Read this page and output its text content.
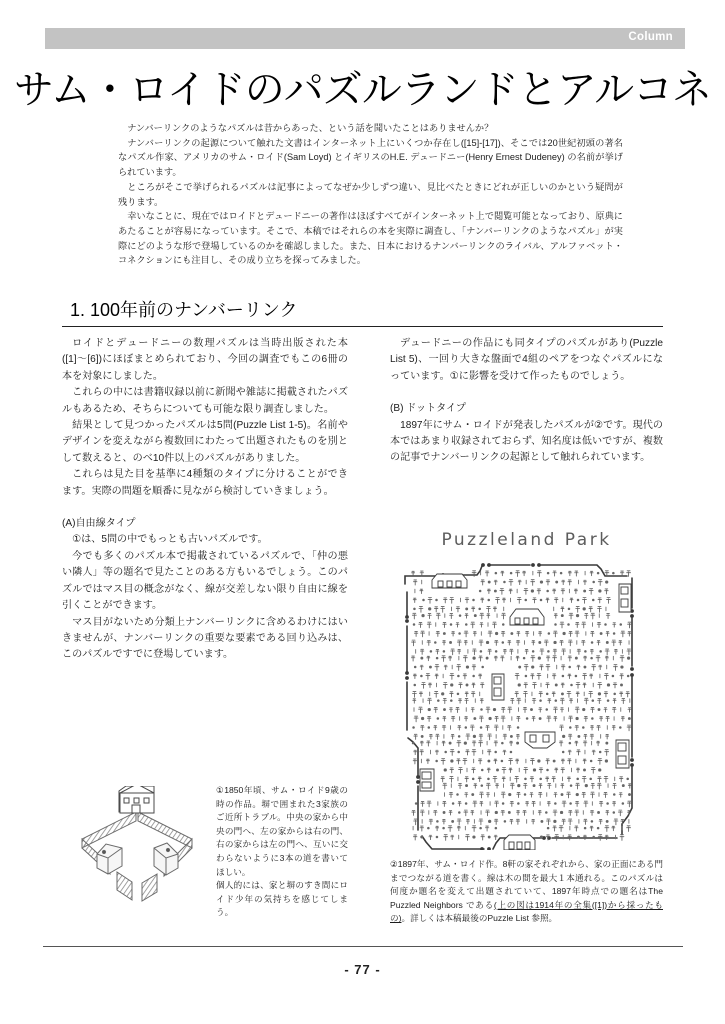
Column
サム・ロイドのパズルランドとアルコネ

ナンバーリンクのようなパズルは昔からあった、という話を聞いたことはありませんか？

ナンバーリンクの起源について触れた文書はインターネット上にいくつか存在し([15]-[17])、そこでは20世紀初頭の著名なパズル作家、アメリカのサム・ロイド(Sam Loyd) とイギリスのH.E. デュードニー(Henry Ernest Dudeney) の名前が挙げられています。

ところがそこで挙げられるパズルは記事によってなぜか少しずつ違い、見比べたときにどれが正しいのかという疑問が残ります。

幸いなことに、現在ではロイドとデュードニーの著作はほぼすべてがインターネット上で閲覧可能となっており、原典にあたることが容易になっています。そこで、本稿ではそれらの本を実際に調査し、「ナンバーリンクのようなパズル」が実際にどのような形で登場しているのかを確認しました。また、日本におけるナンバーリンクのライバル、アルファベット・コネクションにも注目し、その成り立ちを探ってみました。

1. 100年前のナンバーリンク

ロイドとデュードニーの数理パズルは当時出版された本([1]〜[6])にほぼまとめられており、今回の調査でもこの6冊の本を対象にしました。

これらの中には書籍収録以前に新聞や雑誌に掲載されたパズルもあるため、そちらについても可能な限り調査しました。

結果として見つかったパズルは5問(Puzzle List 1-5)。名前やデザインを変えながら複数回にわたって出題されたものを別として数えると、のべ10件以上のパズルがありました。

これらは見た目を基準に4種類のタイプに分けることができます。実際の問題を順番に見ながら検討していきましょう。

(A)自由線タイプ

①は、5問の中でもっとも古いパズルです。

今でも多くのパズル本で掲載されているパズルで、「仲の悪い隣人」等の題名で見たことのある方もいるでしょう。このパズルではマス目の概念がなく、線が交差しない限り自由に線を引くことができます。

マス目がないため分類上ナンバーリンクに含めるわけにはいきませんが、ナンバーリンクの重要な要素である回り込みは、このパズルですでに登場しています。

デュードニーの作品にも同タイプのパズルがあり(Puzzle List 5)、一回り大きな盤面で4組のペアをつなぐパズルになっています。①に影響を受けて作ったものでしょう。

(B) ドットタイプ

1897年にサム・ロイドが発表したパズルが②です。現代の本ではあまり収録されておらず、知名度は低いですが、複数の記事でナンバーリンクの起源として触れられています。

Puzzleland Park

①1850年頃、サム・ロイド9歳の時の作品。塀で囲まれた3家族のご近所トラブル。中央の家から中央の門へ、左の家からは右の門、右の家からは左の門へ、互いに交わらないように3本の道を書いてほしい。

個人的には、家と塀のすき間にロイド少年の気持ちを感じてしまう。

②1897年、サム・ロイド作。8軒の家それぞれから、家の正面にある門までつながる道を書く。線は木の間を最大１本通れる。このパズルは何度か題名を変えて出題されていて、1897年時点での題名はThe Puzzled Neighbors である(上の図は1914年の全集([1])から採ったもの)。詳しくは本稿最後のPuzzle List 参照。

- 77 -
